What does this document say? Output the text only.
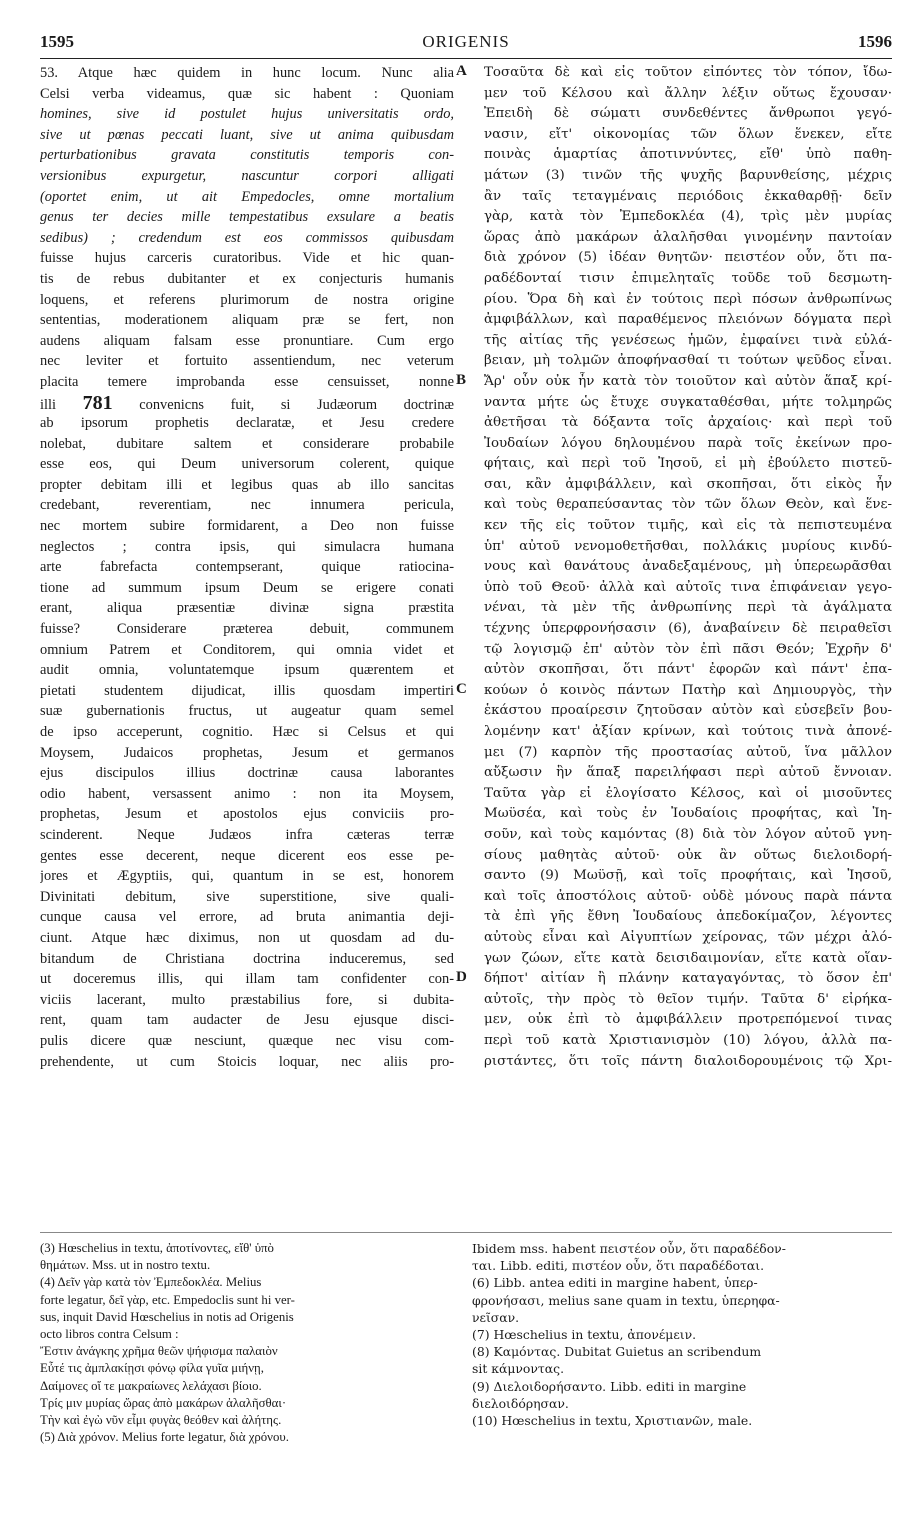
1595	ORIGENIS	1596
53. Atque hæc quidem in hunc locum. Nunc alia
Celsi verba videamus, quæ sic habent : Quoniam
homines, sive id postulet hujus universitatis ordo,
sive ut pœnas peccati luant, sive ut anima quibusdam
perturbationibus gravata constitutis temporis con-
versionibus expurgetur, nascuntur corpori alligati
(oportet enim, ut ait Empedocles, omne mortalium
genus ter decies mille tempestatibus exsulare a beatis
sedibus) ; credendum est eos commissos quibusdam
fuisse hujus carceris curatoribus. Vide et hic quan-
tis de rebus dubitanter et ex conjecturis humanis
loquens, et referens plurimorum de nostra origine
sententias, moderationem aliquam præ se fert, non
audens aliquam falsam esse pronuntiare. Cum ergo
nec leviter et fortuito assentiendum, nec veterum
placita temere improbanda esse censuisset, nonne
illi 781 convenicns fuit, si Judæorum doctrinæ
ab ipsorum prophetis declaratæ, et Jesu credere
nolebat, dubitare saltem et considerare probabile
esse eos, qui Deum universorum colerent, quique
propter debitam illi et legibus quas ab illo sancitas
credebant, reverentiam, nec innumera pericula,
nec mortem subire formidarent, a Deo non fuisse
neglectos ; contra ipsis, qui simulacra humana
arte fabrefacta contempserant, quique ratiocina-
tione ad summum ipsum Deum se erigere conati
erant, aliqua præsentiæ divinæ signa præstita
fuisse? Considerare præterea debuit, communem
omnium Patrem et Conditorem, qui omnia videt et
audit omnia, voluntatemque ipsum quærentem et
pietati studentem dijudicat, illis quosdam impertiri
suæ gubernationis fructus, ut augeatur quam semel
de ipso acceperunt, cognitio. Hæc si Celsus et qui
Moysem, Judaicos prophetas, Jesum et germanos
ejus discipulos illius doctrinæ causa laborantes
odio habent, versassent animo : non ita Moysem,
prophetas, Jesum et apostolos ejus conviciis pro-
scinderent. Neque Judæos infra cæteras terræ
gentes esse decerent, neque dicerent eos esse pe-
jores et Ægyptiis, qui, quantum in se est, honorem
Divinitati debitum, sive superstitione, sive quali-
cunque causa vel errore, ad bruta animantia deji-
ciunt. Atque hæc diximus, non ut quosdam ad du-
bitandum de Christiana doctrina induceremus, sed
ut doceremus illis, qui illam tam confidenter con-
viciis lacerant, multo præstabilius fore, si dubita-
rent, quam tam audacter de Jesu ejusque disci-
pulis dicere quæ nesciunt, quæque nec visu com-
prehendente, ut cum Stoicis loquar, nec aliis pro-
Τοσαῦτα δὲ καὶ εἰς τοῦτον εἰπόντες τὸν τόπον, ἴδω-
μεν τοῦ Κέλσου καὶ ἄλλην λέξιν οὕτως ἔχουσαν·
Ἐπειδὴ δὲ σώματι συνδεθέντες ἄνθρωποι γεγό-
νασιν, εἴτ' οἰκονομίας τῶν ὅλων ἕνεκεν, εἴτε
ποινὰς ἁμαρτίας ἀποτιννύντες, εἴθ' ὑπὸ παθη-
μάτων (3) τινῶν τῆς ψυχῆς βαρυνθείσης, μέχρις
ἂν ταῖς τεταγμέναις περιόδοις ἐκκαθαρθῇ· δεῖν
γὰρ, κατὰ τὸν Ἐμπεδοκλέα (4), τρὶς μὲν μυρίας
ὥρας ἀπὸ μακάρων ἀλαλῆσθαι γινομένην παντοίαν
διὰ χρόνον (5) ἰδέαν θνητῶν· πειστέον οὖν, ὅτι πα-
ραδέδονταί τισιν ἐπιμεληταῖς τοῦδε τοῦ δεσμωτη-
ρίου. Ὅρα δὴ καὶ ἐν τούτοις περὶ πόσων ἀνθρωπίνως
ἀμφιβάλλων, καὶ παραθέμενος πλειόνων δόγματα περὶ
τῆς αἰτίας τῆς γενέσεως ἡμῶν, ἐμφαίνει τινὰ εὐλά-
βειαν, μὴ τολμῶν ἀποφήνασθαί τι τούτων ψεῦδος εἶναι.
Ἄρ' οὖν οὐκ ἦν κατὰ τὸν τοιοῦτον καὶ αὐτὸν ἅπαξ κρί-
ναντα μήτε ὡς ἔτυχε συγκαταθέσθαι, μήτε τολμηρῶς
ἀθετῆσαι τὰ δόξαντα τοῖς ἀρχαίοις· καὶ περὶ τοῦ
Ἰουδαίων λόγου δηλουμένου παρὰ τοῖς ἐκείνων προ-
φήταις, καὶ περὶ τοῦ Ἰησοῦ, εἰ μὴ ἐβούλετο πιστεῦ-
σαι, κἂν ἀμφιβάλλειν, καὶ σκοπῆσαι, ὅτι εἰκὸς ἦν
καὶ τοὺς θεραπεύσαντας τὸν τῶν ὅλων Θεὸν, καὶ ἕνε-
κεν τῆς εἰς τοῦτον τιμῆς, καὶ εἰς τὰ πεπιστευμένα
ὑπ' αὐτοῦ νενομοθετῆσθαι, πολλάκις μυρίους κινδύ-
νους καὶ θανάτους ἀναδεξαμένους, μὴ ὑπερεωρᾶσθαι
ὑπὸ τοῦ Θεοῦ· ἀλλὰ καὶ αὐτοῖς τινα ἐπιφάνειαν γεγο-
νέναι, τὰ μὲν τῆς ἀνθρωπίνης περὶ τὰ ἀγάλματα
τέχνης ὑπερφρονήσασιν (6), ἀναβαίνειν δὲ πειραθεῖσι
τῷ λογισμῷ ἐπ' αὐτὸν τὸν ἐπὶ πᾶσι Θεόν; Ἐχρῆν δ'
αὐτὸν σκοπῆσαι, ὅτι πάντ' ἐφορῶν καὶ πάντ' ἐπα-
κούων ὁ κοινὸς πάντων Πατὴρ καὶ Δημιουργὸς, τὴν
ἑκάστου προαίρεσιν ζητοῦσαν αὐτὸν καὶ εὐσεβεῖν βου-
λομένην κατ' ἀξίαν κρίνων, καὶ τούτοις τινὰ ἀπονέ-
μει (7) καρπὸν τῆς προστασίας αὐτοῦ, ἵνα μᾶλλον
αὔξωσιν ἣν ἅπαξ παρειλήφασι περὶ αὐτοῦ ἔννοιαν.
Ταῦτα γὰρ εἰ ἐλογίσατο Κέλσος, καὶ οἱ μισοῦντες
Μωϋσέα, καὶ τοὺς ἐν Ἰουδαίοις προφήτας, καὶ Ἰη-
σοῦν, καὶ τοὺς καμόντας (8) διὰ τὸν λόγον αὐτοῦ γνη-
σίους μαθητὰς αὐτοῦ· οὐκ ἂν οὕτως διελοιδορή-
σαντο (9) Μωϋσῇ, καὶ τοῖς προφήταις, καὶ Ἰησοῦ,
καὶ τοῖς ἀποστόλοις αὐτοῦ· οὐδὲ μόνους παρὰ πάντα
τὰ ἐπὶ γῆς ἔθνη Ἰουδαίους ἀπεδοκίμαζον, λέγοντες
αὐτοὺς εἶναι καὶ Αἰγυπτίων χείρονας, τῶν μέχρι ἀλό-
γων ζώων, εἴτε κατὰ δεισιδαιμονίαν, εἴτε κατὰ οἵαν-
δήποτ' αἰτίαν ἢ πλάνην καταγαγόντας, τὸ ὅσον ἐπ'
αὐτοῖς, τὴν πρὸς τὸ θεῖον τιμήν. Ταῦτα δ' εἰρήκα-
μεν, οὐκ ἐπὶ τὸ ἀμφιβάλλειν προτρεπόμενοί τινας
περὶ τοῦ κατὰ Χριστιανισμὸν (10) λόγου, ἀλλὰ πα-
ριστάντες, ὅτι τοῖς πάντη διαλοιδορουμένοις τῷ Χρι-
A
B
C
D
(3) Hœschelius in textu, ἀποτίνοντες, εἴθ' ὑπὸ
θημάτων. Mss. ut in nostro textu.
(4) Δεῖν γὰρ κατὰ τὸν Ἐμπεδοκλέα. Melius
forte legatur, δεῖ γὰρ, etc. Empedoclis sunt hi ver-
sus, inquit David Hœschelius in notis ad Origenis
octo libros contra Celsum :
Ἔστιν ἀνάγκης χρῆμα θεῶν ψήφισμα παλαιὸν
Εὖτέ τις ἀμπλακίῃσι φόνῳ φίλα γυῖα μιήνῃ,
Δαίμονες οἵ τε μακραίωνες λελάχασι βίοιο.
Τρίς μιν μυρίας ὥρας ἀπὸ μακάρων ἀλαλῆσθαι·
Τὴν καὶ ἐγὼ νῦν εἶμι φυγὰς θεόθεν καὶ ἀλήτης.
(5) Διὰ χρόνον. Melius forte legatur, διὰ χρόνου.
Ibidem mss. habent πειστέον οὖν, ὅτι παραδέδον-
ται. Libb. editi, πιστέον οὖν, ὅτι παραδέδοται.
(6) Libb. antea editi in margine habent, ὑπερ-
φρονήσασι, melius sane quam in textu, ὑπερηφα-
νεῖσαν.
(7) Hœschelius in textu, ἀπονέμειν.
(8) Καμόντας. Dubitat Guietus an scribendum
sit κάμνοντας.
(9) Διελοιδορήσαντο. Libb. editi in margine
διελοιδόρησαν.
(10) Hœschelius in textu, Χριστιανῶν, male.
